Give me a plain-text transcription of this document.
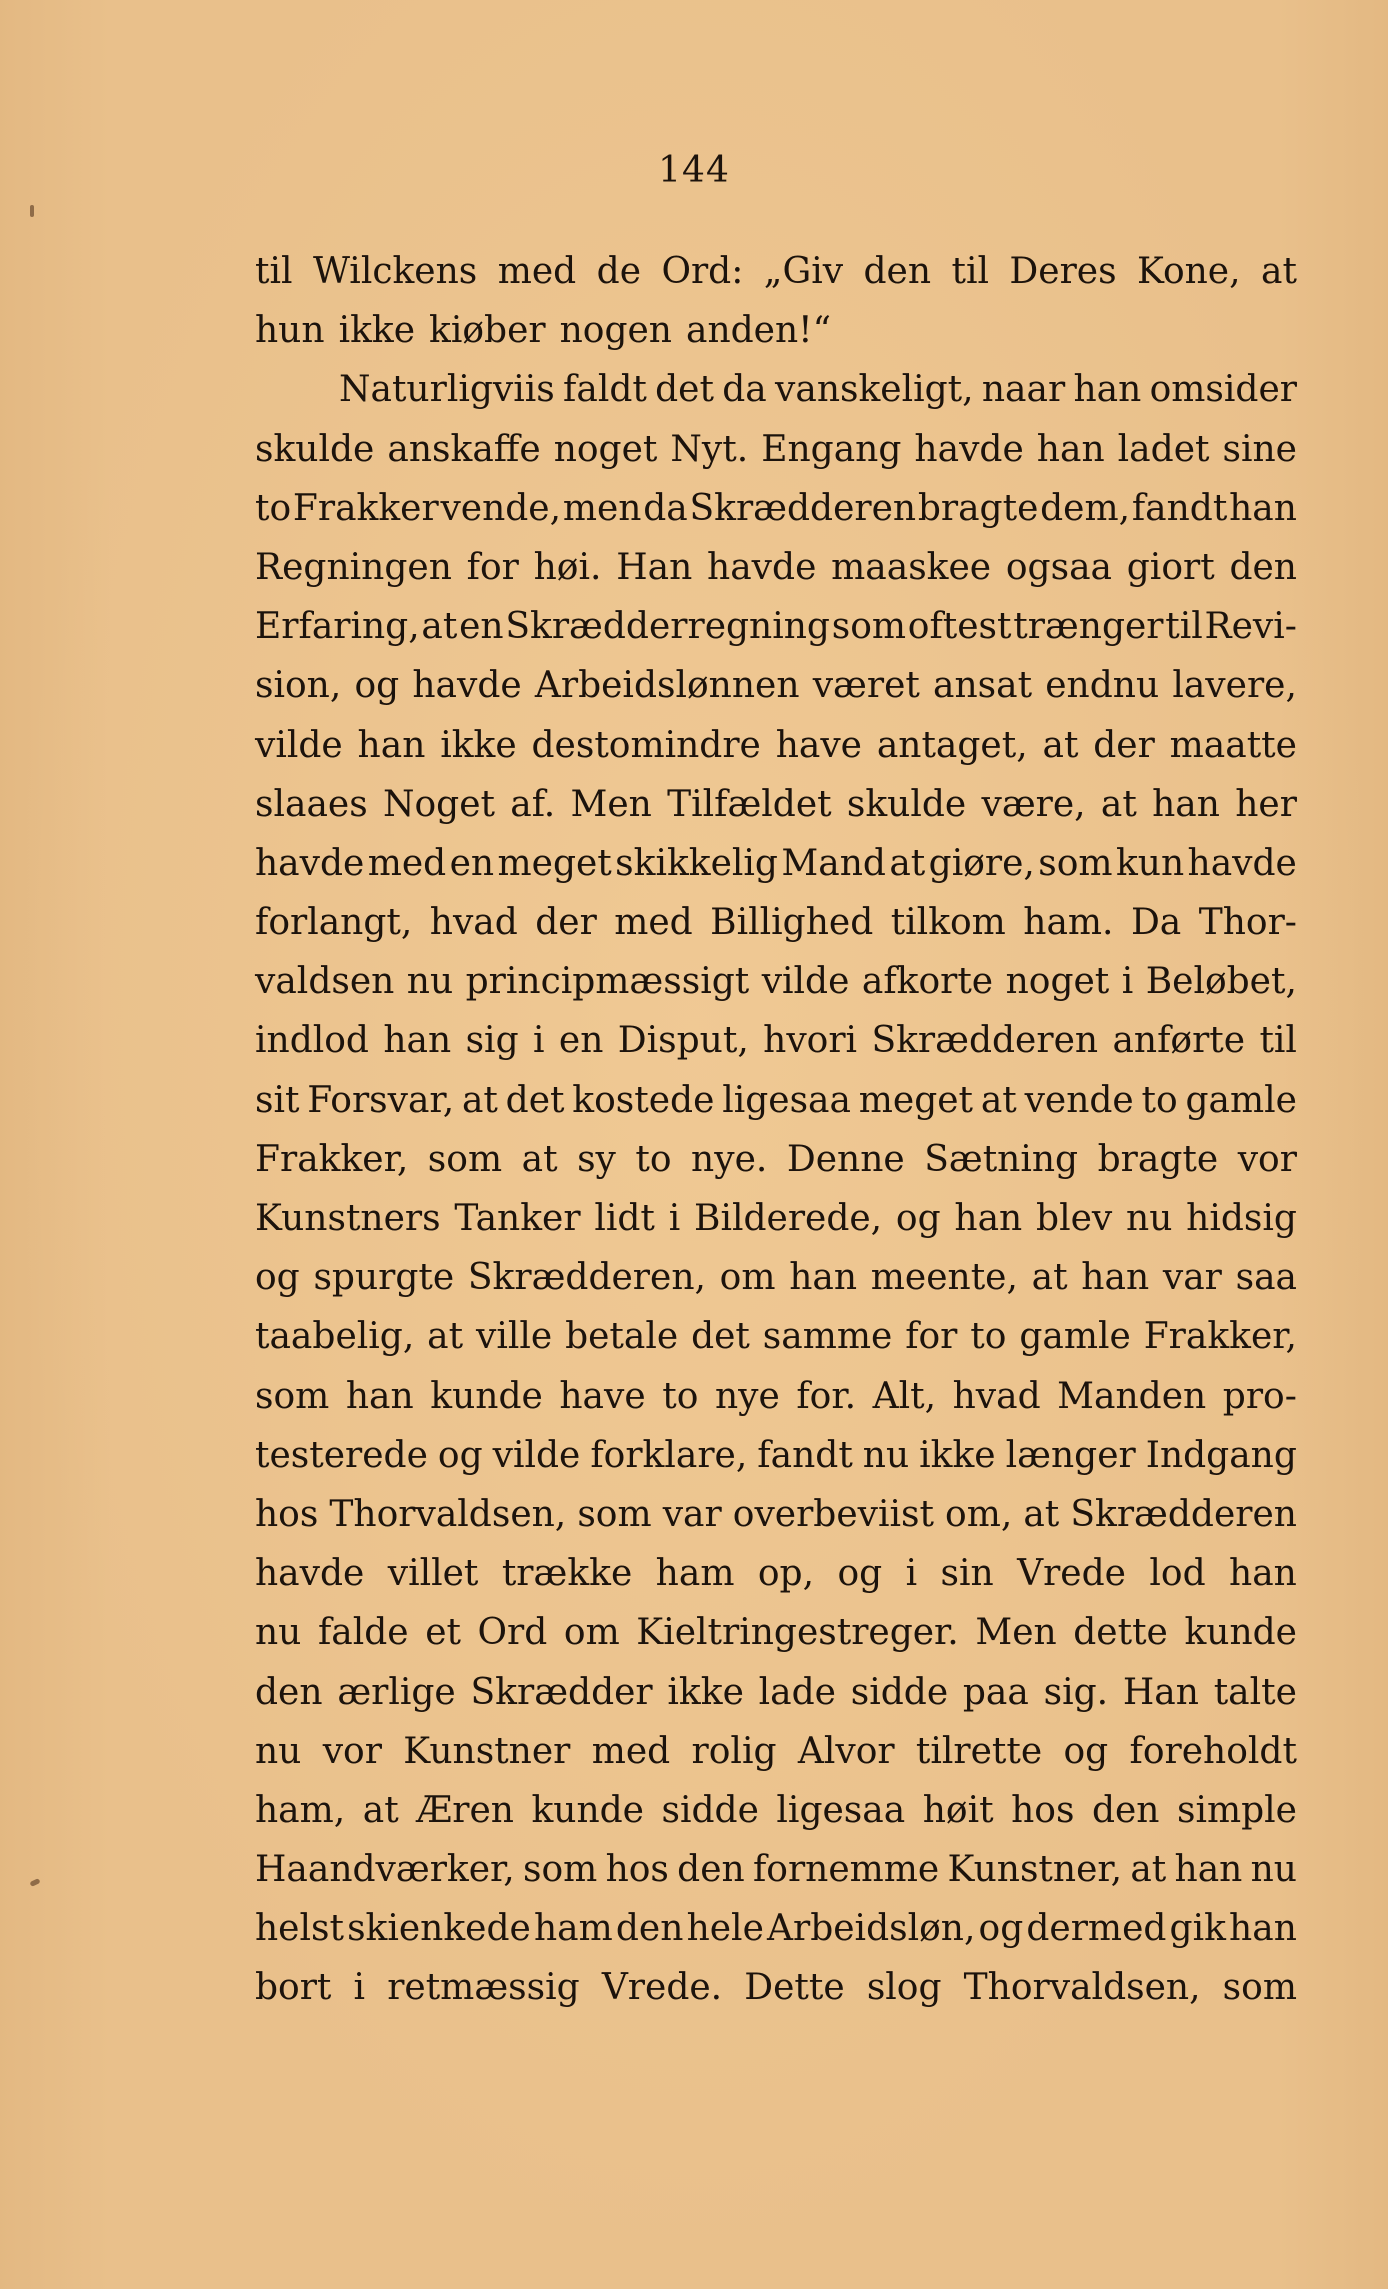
144
til Wilckens med de Ord: „Giv den til Deres Kone, at
hun ikke kiøber nogen anden!“
Naturligviis faldt det da vanskeligt, naar han omsider
skulde anskaffe noget Nyt. Engang havde han ladet sine
to Frakker vende, men da Skrædderen bragte dem, fandt han
Regningen for høi. Han havde maaskee ogsaa giort den
Erfaring, at en Skrædderregning som oftest trænger til Revi-
sion, og havde Arbeidslønnen været ansat endnu lavere,
vilde han ikke destomindre have antaget, at der maatte
slaaes Noget af. Men Tilfældet skulde være, at han her
havde med en meget skikkelig Mand at giøre, som kun havde
forlangt, hvad der med Billighed tilkom ham. Da Thor-
valdsen nu principmæssigt vilde afkorte noget i Beløbet,
indlod han sig i en Disput, hvori Skrædderen anførte til
sit Forsvar, at det kostede ligesaa meget at vende to gamle
Frakker, som at sy to nye. Denne Sætning bragte vor
Kunstners Tanker lidt i Bilderede, og han blev nu hidsig
og spurgte Skrædderen, om han meente, at han var saa
taabelig, at ville betale det samme for to gamle Frakker,
som han kunde have to nye for. Alt, hvad Manden pro-
testerede og vilde forklare, fandt nu ikke længer Indgang
hos Thorvaldsen, som var overbeviist om, at Skrædderen
havde villet trække ham op, og i sin Vrede lod han
nu falde et Ord om Kieltringestreger. Men dette kunde
den ærlige Skrædder ikke lade sidde paa sig. Han talte
nu vor Kunstner med rolig Alvor tilrette og foreholdt
ham, at Æren kunde sidde ligesaa høit hos den simple
Haandværker, som hos den fornemme Kunstner, at han nu
helst skienkede ham den hele Arbeidsløn, og dermed gik han
bort i retmæssig Vrede. Dette slog Thorvaldsen, som
